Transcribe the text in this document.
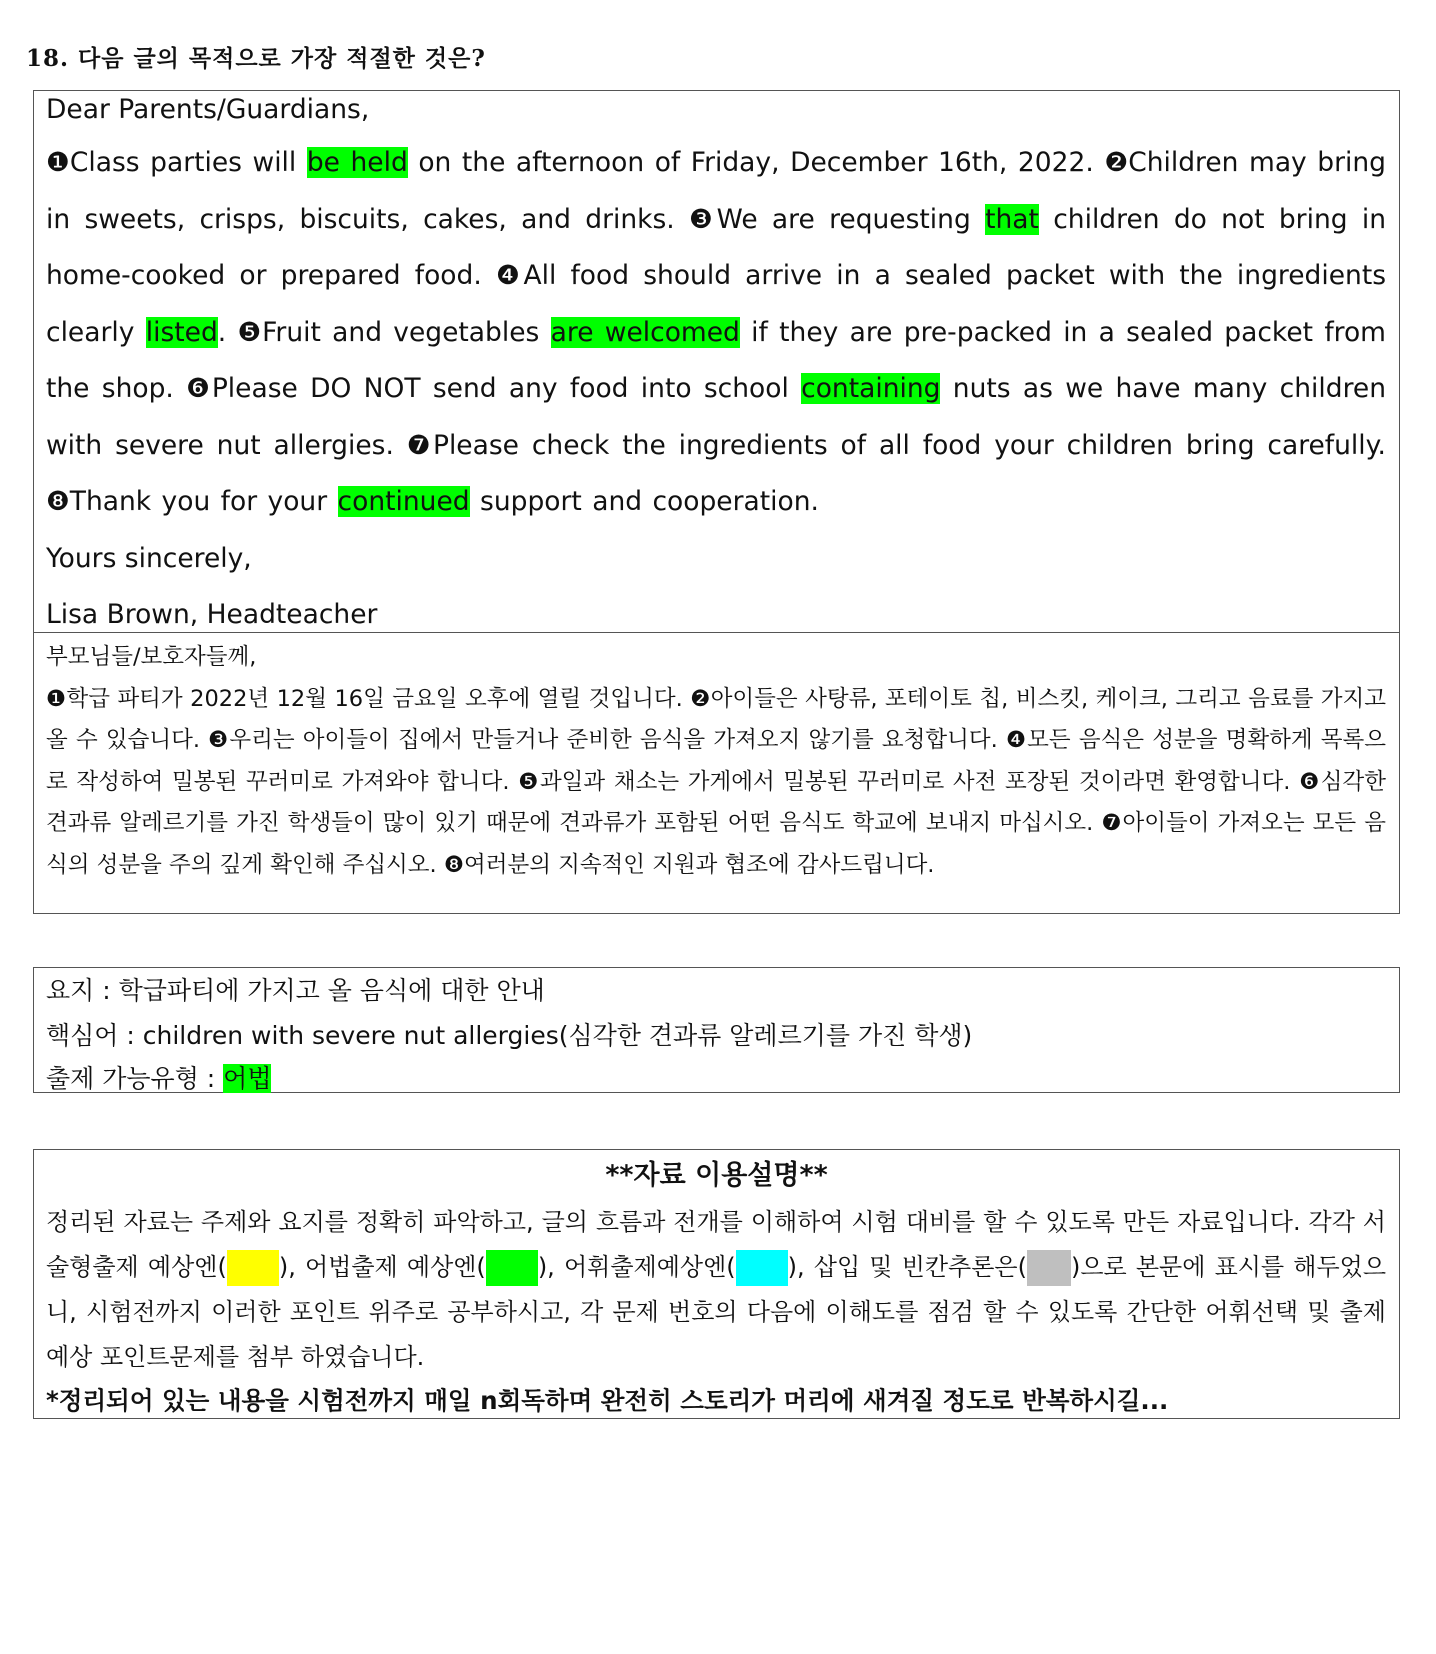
18. 다음 글의 목적으로 가장 적절한 것은?
Dear Parents/Guardians,
❶Class parties will be held on the afternoon of Friday, December 16th, 2022. ❷Children may bring in sweets, crisps, biscuits, cakes, and drinks. ❸We are requesting that children do not bring in home-cooked or prepared food. ❹All food should arrive in a sealed packet with the ingredients clearly listed. ❺Fruit and vegetables are welcomed if they are pre-packed in a sealed packet from the shop. ❻Please DO NOT send any food into school containing nuts as we have many children with severe nut allergies. ❼Please check the ingredients of all food your children bring carefully. ❽Thank you for your continued support and cooperation.
Yours sincerely,
Lisa Brown, Headteacher
부모님들/보호자들께,
❶학급 파티가 2022년 12월 16일 금요일 오후에 열릴 것입니다. ❷아이들은 사탕류, 포테이토 칩, 비스킷, 케이크, 그리고 음료를 가지고 올 수 있습니다. ❸우리는 아이들이 집에서 만들거나 준비한 음식을 가져오지 않기를 요청합니다. ❹모든 음식은 성분을 명확하게 목록으로 작성하여 밀봉된 꾸러미로 가져와야 합니다. ❺과일과 채소는 가게에서 밀봉된 꾸러미로 사전 포장된 것이라면 환영합니다. ❻심각한 견과류 알레르기를 가진 학생들이 많이 있기 때문에 견과류가 포함된 어떤 음식도 학교에 보내지 마십시오. ❼아이들이 가져오는 모든 음식의 성분을 주의 깊게 확인해 주십시오. ❽여러분의 지속적인 지원과 협조에 감사드립니다.
요지 : 학급파티에 가지고 올 음식에 대한 안내
핵심어 : children with severe nut allergies(심각한 견과류 알레르기를 가진 학생)
출제 가능유형 : 어법
**자료 이용설명**
정리된 자료는 주제와 요지를 정확히 파악하고, 글의 흐름과 전개를 이해하여 시험 대비를 할 수 있도록 만든 자료입니다. 각각 서술형출제 예상엔( ), 어법출제 예상엔( ), 어휘출제예상엔( ), 삽입 및 빈칸추론은( )으로 본문에 표시를 해두었으니, 시험전까지 이러한 포인트 위주로 공부하시고, 각 문제 번호의 다음에 이해도를 점검 할 수 있도록 간단한 어휘선택 및 출제 예상 포인트문제를 첨부 하였습니다.
*정리되어 있는 내용을 시험전까지 매일 n회독하며 완전히 스토리가 머리에 새겨질 정도로 반복하시길...
